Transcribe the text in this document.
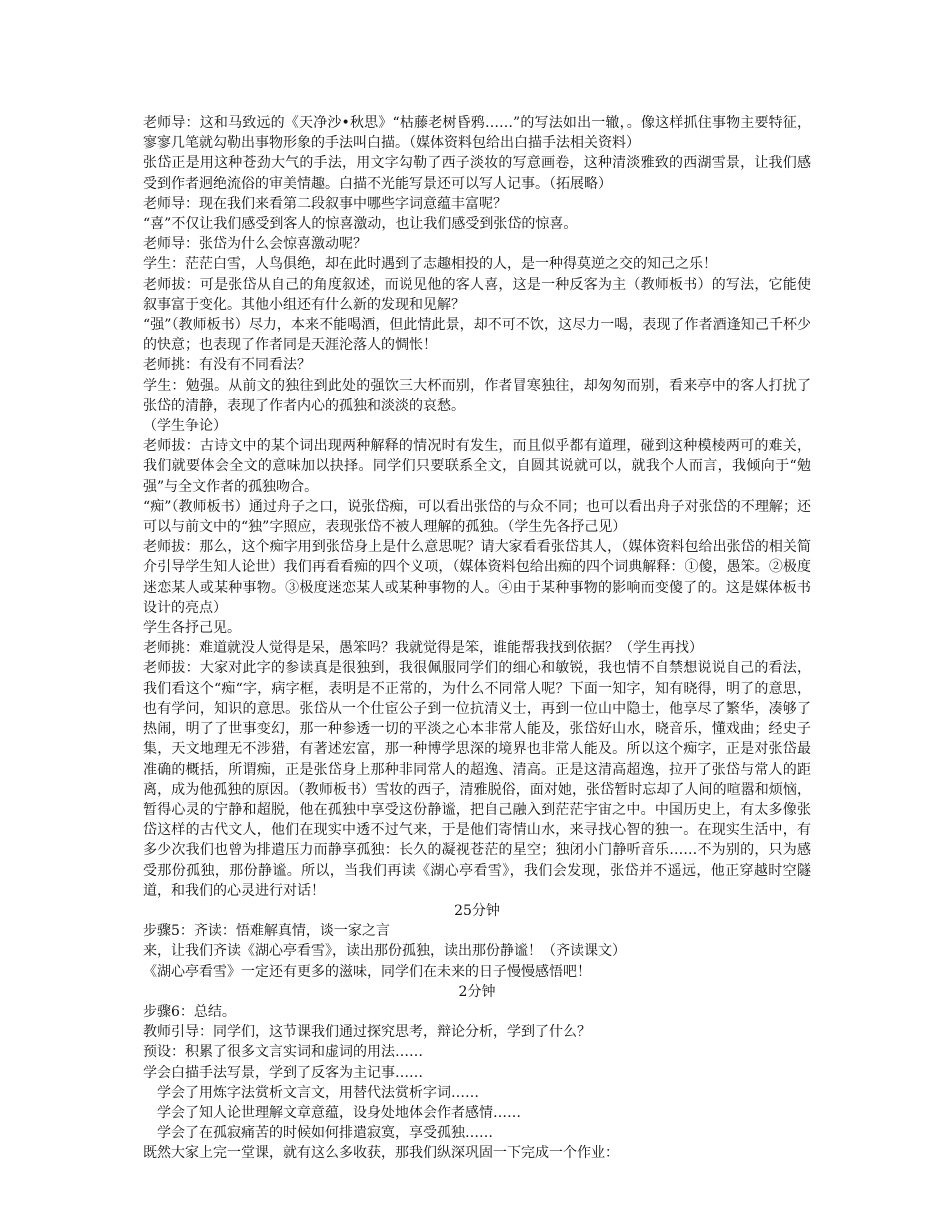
老师导：这和马致远的《天净沙•秋思》“枯藤老树昏鸦……”的写法如出一辙，。像这样抓住事物主要特征，寥寥几笔就勾勒出事物形象的手法叫白描。（媒体资料包给出白描手法相关资料）

张岱正是用这种苍劲大气的手法，用文字勾勒了西子淡妆的写意画卷，这种清淡雅致的西湖雪景，让我们感受到作者迥绝流俗的审美情趣。白描不光能写景还可以写人记事。（拓展略）

老师导：现在我们来看第二段叙事中哪些字词意蕴丰富呢？

“喜”不仅让我们感受到客人的惊喜激动，也让我们感受到张岱的惊喜。

老师导：张岱为什么会惊喜激动呢？

学生：茫茫白雪，人鸟俱绝，却在此时遇到了志趣相投的人，是一种得莫逆之交的知己之乐！

老师拔：可是张岱从自己的角度叙述，而说见他的客人喜，这是一种反客为主（教师板书）的写法，它能使叙事富于变化。其他小组还有什么新的发现和见解？

“强”（教师板书）尽力，本来不能喝酒，但此情此景，却不可不饮，这尽力一喝，表现了作者酒逢知己千杯少的快意；也表现了作者同是天涯沦落人的惆怅！

老师挑：有没有不同看法？

学生：勉强。从前文的独往到此处的强饮三大杯而别，作者冒寒独往，却匆匆而别，看来亭中的客人打扰了张岱的清静，表现了作者内心的孤独和淡淡的哀愁。

（学生争论）

老师拔：古诗文中的某个词出现两种解释的情况时有发生，而且似乎都有道理，碰到这种模棱两可的难关，我们就要体会全文的意味加以抉择。同学们只要联系全文，自圆其说就可以，就我个人而言，我倾向于“勉强”与全文作者的孤独吻合。

“痴”（教师板书）通过舟子之口，说张岱痴，可以看出张岱的与众不同；也可以看出舟子对张岱的不理解；还可以与前文中的“独”字照应，表现张岱不被人理解的孤独。（学生先各抒己见）

老师拔：那么，这个痴字用到张岱身上是什么意思呢？请大家看看张岱其人，（媒体资料包给出张岱的相关简介引导学生知人论世）我们再看看痴的四个义项，（媒体资料包给出痴的四个词典解释：①傻，愚笨。②极度迷恋某人或某种事物。③极度迷恋某人或某种事物的人。④由于某种事物的影响而变傻了的。这是媒体板书设计的亮点）

学生各抒己见。

老师挑：难道就没人觉得是呆，愚笨吗？我就觉得是笨，谁能帮我找到依据？（学生再找）

老师拔：大家对此字的参读真是很独到，我很佩服同学们的细心和敏锐，我也情不自禁想说说自己的看法，我们看这个“痴“字，病字框，表明是不正常的，为什么不同常人呢？下面一知字，知有晓得，明了的意思，也有学问，知识的意思。张岱从一个仕宦公子到一位抗清义士，再到一位山中隐士，他享尽了繁华，凑够了热闹，明了了世事变幻，那一种参透一切的平淡之心本非常人能及，张岱好山水，晓音乐，懂戏曲；经史子集，天文地理无不涉猎，有著述宏富，那一种博学思深的境界也非常人能及。所以这个痴字，正是对张岱最准确的概括，所谓痴，正是张岱身上那种非同常人的超逸、清高。正是这清高超逸，拉开了张岱与常人的距离，成为他孤独的原因。（教师板书）雪妆的西子，清雅脱俗，面对她，张岱暂时忘却了人间的喧嚣和烦恼，暂得心灵的宁静和超脱，他在孤独中享受这份静谧，把自己融入到茫茫宇宙之中。中国历史上，有太多像张岱这样的古代文人，他们在现实中透不过气来，于是他们寄情山水，来寻找心智的独一。在现实生活中，有多少次我们也曾为排遣压力而静享孤独：长久的凝视苍茫的星空；独闭小门静听音乐……不为别的，只为感受那份孤独，那份静谧。所以，当我们再读《湖心亭看雪》，我们会发现，张岱并不遥远，他正穿越时空隧道，和我们的心灵进行对话！

25分钟

步骤5：齐读：悟难解真情，谈一家之言

来，让我们齐读《湖心亭看雪》，读出那份孤独，读出那份静谧！（齐读课文）

《湖心亭看雪》一定还有更多的滋味，同学们在未来的日子慢慢感悟吧！

2分钟

步骤6：总结。

教师引导：同学们，这节课我们通过探究思考，辩论分析，学到了什么？

预设：积累了很多文言实词和虚词的用法……

学会白描手法写景，学到了反客为主记事……

学会了用炼字法赏析文言文，用替代法赏析字词……

学会了知人论世理解文章意蕴，设身处地体会作者感情……

学会了在孤寂痛苦的时候如何排遣寂寞，享受孤独……

既然大家上完一堂课，就有这么多收获，那我们纵深巩固一下完成一个作业：
